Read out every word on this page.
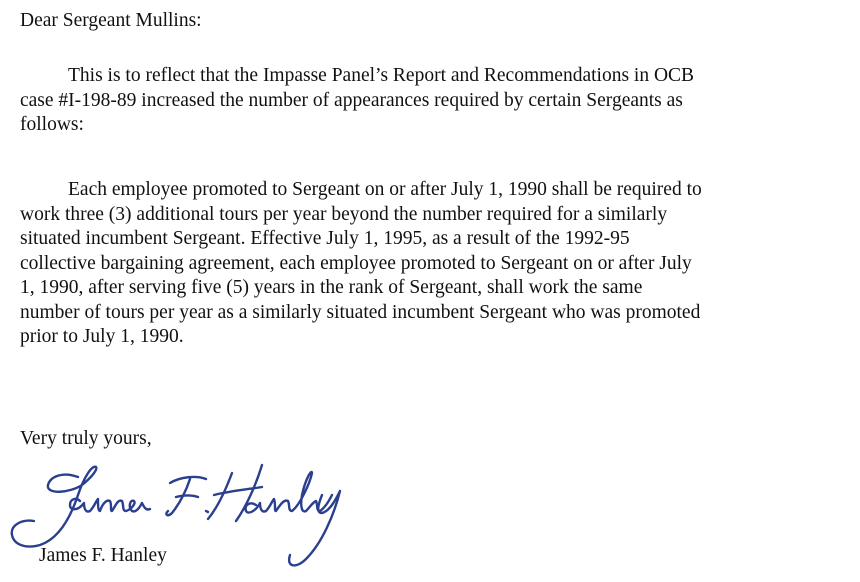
Dear Sergeant Mullins:

This is to reflect that the Impasse Panel’s Report and Recommendations in OCB
case #I-198-89 increased the number of appearances required by certain Sergeants as
follows:

Each employee promoted to Sergeant on or after July 1, 1990 shall be required to
work three (3) additional tours per year beyond the number required for a similarly
situated incumbent Sergeant. Effective July 1, 1995, as a result of the 1992-95
collective bargaining agreement, each employee promoted to Sergeant on or after July
1, 1990, after serving five (5) years in the rank of Sergeant, shall work the same
number of tours per year as a similarly situated incumbent Sergeant who was promoted
prior to July 1, 1990.

Very truly yours,
James F. Hanley
